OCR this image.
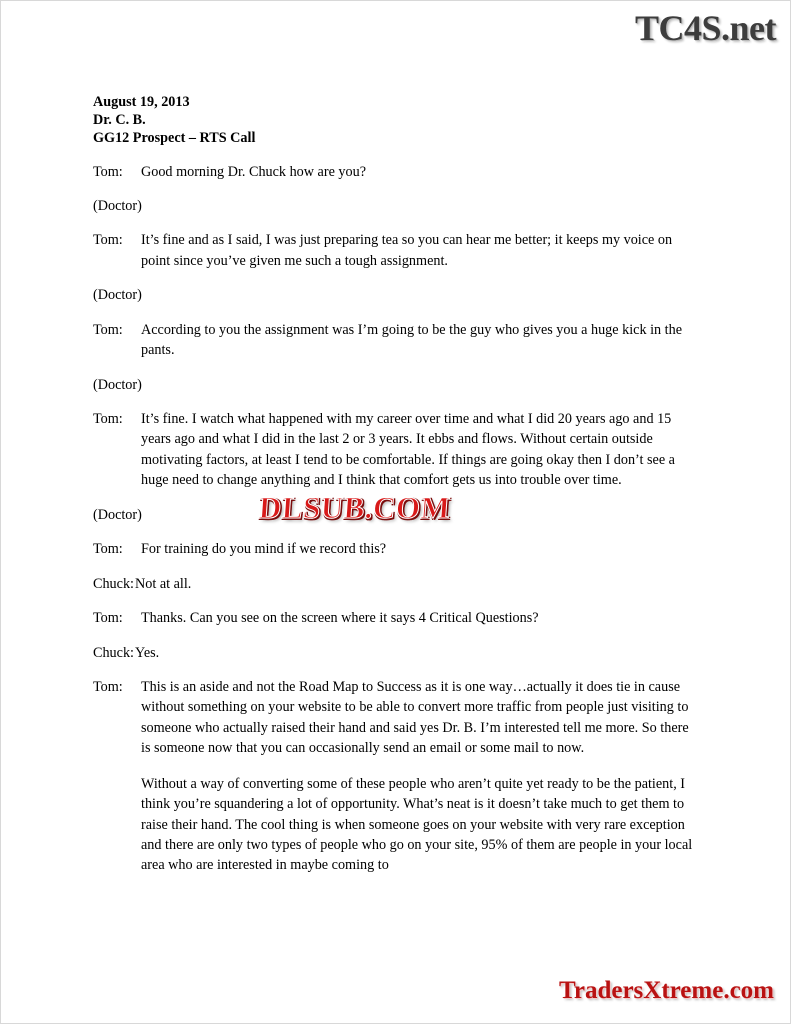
TC4S.net
August 19, 2013
Dr. C. B.
GG12 Prospect – RTS Call
Tom:	Good morning Dr. Chuck how are you?

(Doctor)
Tom:	It’s fine and as I said, I was just preparing tea so you can hear me better; it keeps my voice on point since you’ve given me such a tough assignment.

(Doctor)
Tom:	According to you the assignment was I’m going to be the guy who gives you a huge kick in the pants.

(Doctor)
Tom:	It’s fine. I watch what happened with my career over time and what I did 20 years ago and 15 years ago and what I did in the last 2 or 3 years. It ebbs and flows. Without certain outside motivating factors, at least I tend to be comfortable. If things are going okay then I don’t see a huge need to change anything and I think that comfort gets us into trouble over time.

(Doctor)
Tom:	For training do you mind if we record this?

Chuck: Not at all.

Tom:	Thanks. Can you see on the screen where it says 4 Critical Questions?

Chuck: Yes.

Tom:	This is an aside and not the Road Map to Success as it is one way…actually it does tie in cause without something on your website to be able to convert more traffic from people just visiting to someone who actually raised their hand and said yes Dr. B. I’m interested tell me more. So there is someone now that you can occasionally send an email or some mail to now.

Without a way of converting some of these people who aren’t quite yet ready to be the patient, I think you’re squandering a lot of opportunity. What’s neat is it doesn’t take much to get them to raise their hand. The cool thing is when someone goes on your website with very rare exception and there are only two types of people who go on your site, 95% of them are people in your local area who are interested in maybe coming to

DLSUB.COM
TradersXtreme.com
